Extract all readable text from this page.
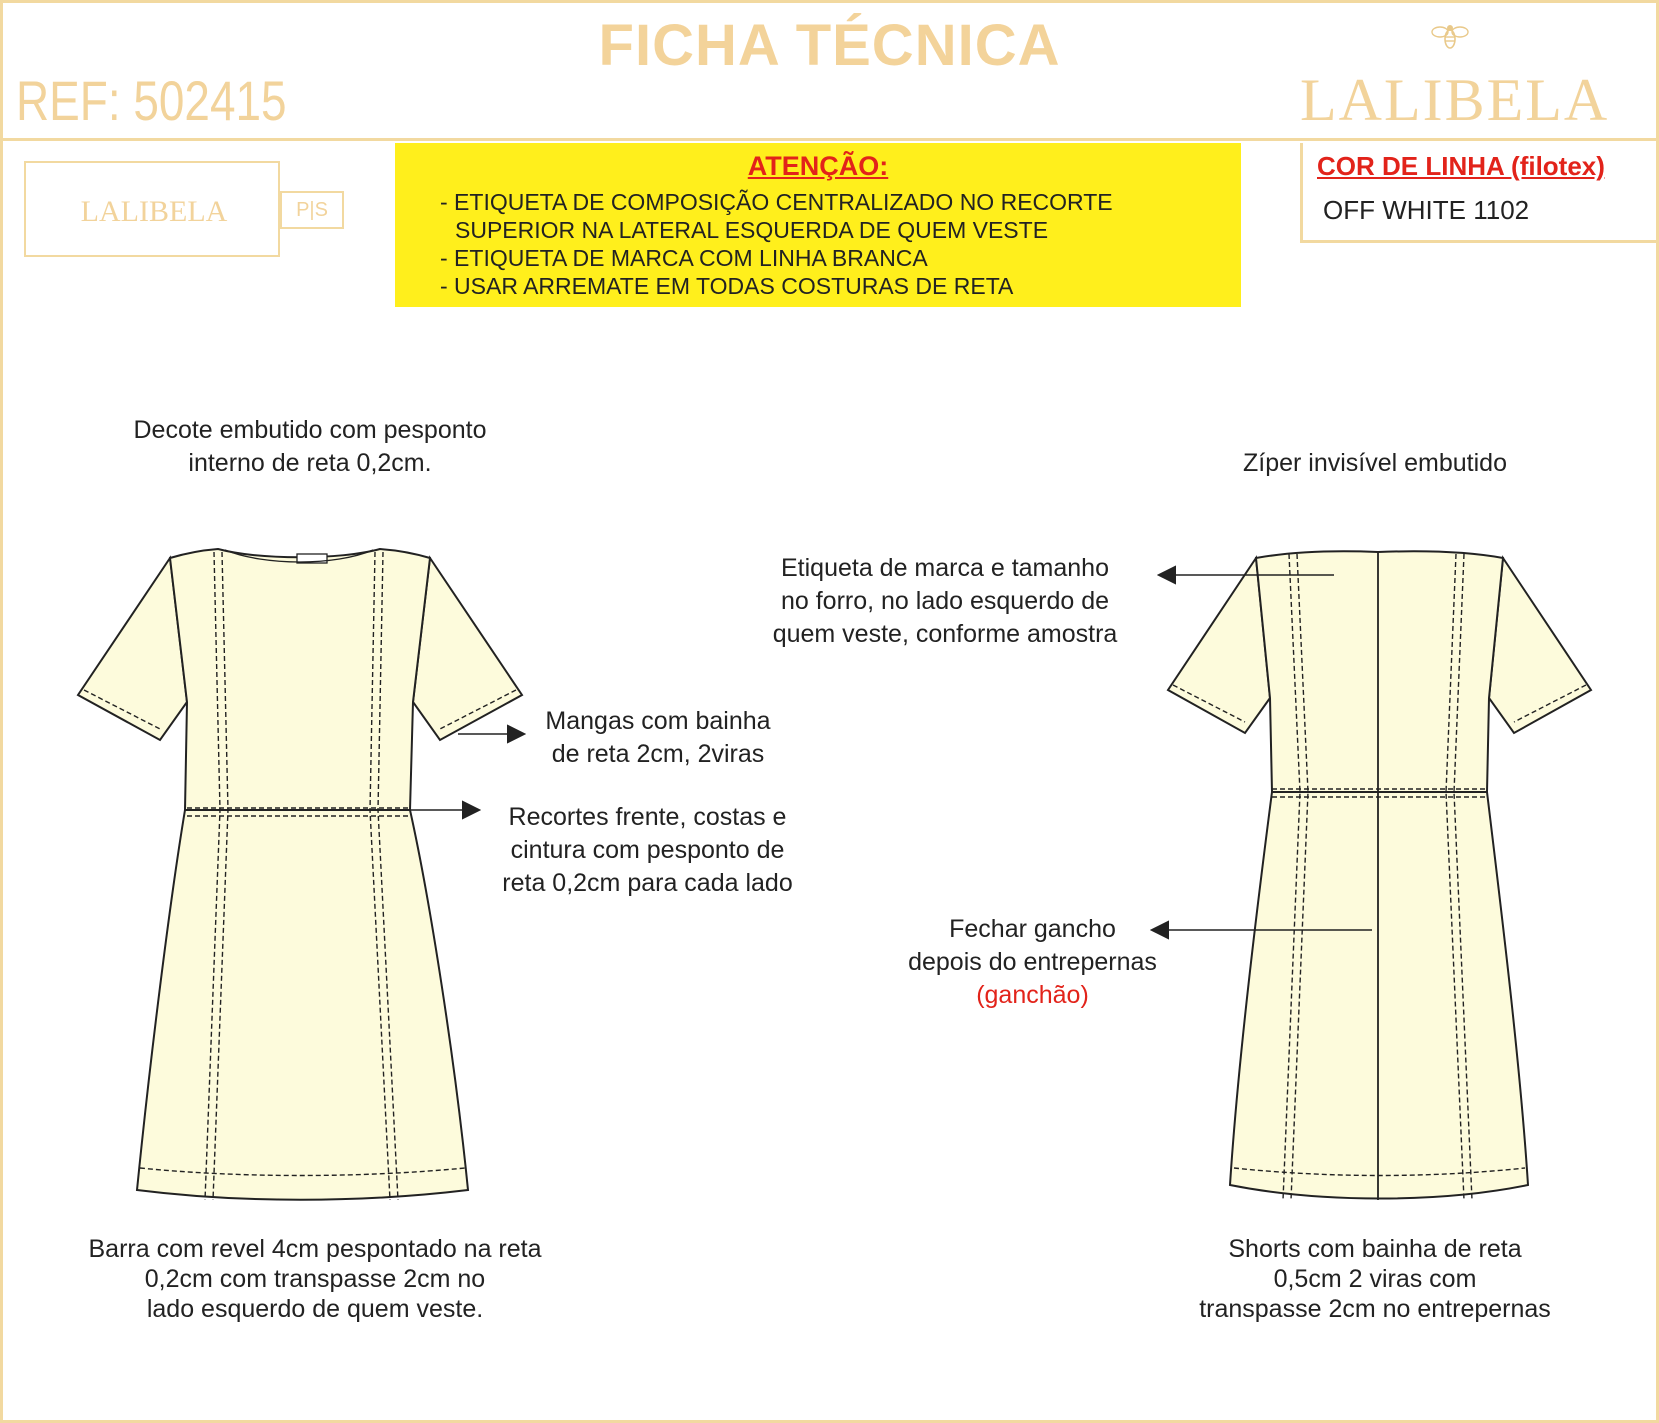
FICHA TÉCNICA
REF: 502415	LALIBELA
LALIBELA	P|S
ATENÇÃO:
- ETIQUETA DE COMPOSIÇÃO CENTRALIZADO NO RECORTE
SUPERIOR NA LATERAL ESQUERDA DE QUEM VESTE
- ETIQUETA DE MARCA COM LINHA BRANCA
- USAR ARREMATE EM TODAS COSTURAS DE RETA
COR DE LINHA (filotex)
OFF WHITE 1102
Decote embutido com pesponto
interno de reta 0,2cm.	Zíper invisível embutido
Etiqueta de marca e tamanho
no forro, no lado esquerdo de
quem veste, conforme amostra
Mangas com bainha
de reta 2cm, 2viras
Recortes frente, costas e
cintura com pesponto de
reta 0,2cm para cada lado
Fechar gancho
depois do entrepernas
(ganchão)
Barra com revel 4cm pespontado na reta
0,2cm com transpasse 2cm no
lado esquerdo de quem veste.
Shorts com bainha de reta
0,5cm 2 viras com
transpasse 2cm no entrepernas
